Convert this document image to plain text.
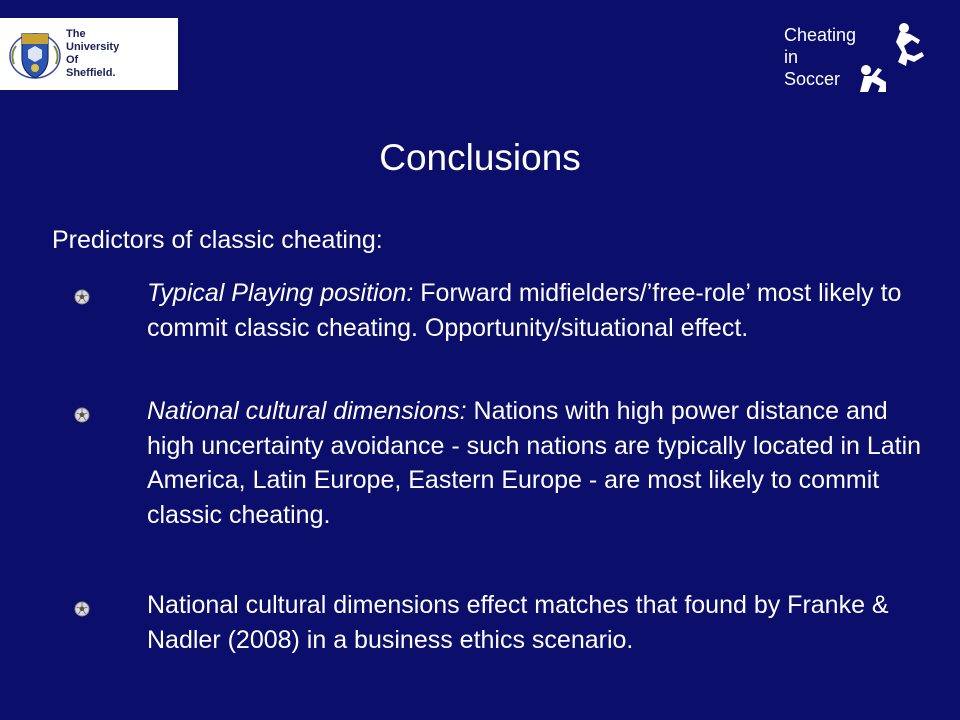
The
University
Of
Sheffield.
Cheating
in
Soccer
Conclusions
Predictors of classic cheating:
Typical Playing position: Forward midfielders/’free-role’ most likely to commit classic cheating. Opportunity/situational effect.
National cultural dimensions: Nations with high power distance and high uncertainty avoidance - such nations are typically located in Latin America, Latin Europe, Eastern Europe - are most likely to commit classic cheating.
National cultural dimensions effect matches that found by Franke & Nadler (2008) in a business ethics scenario.
